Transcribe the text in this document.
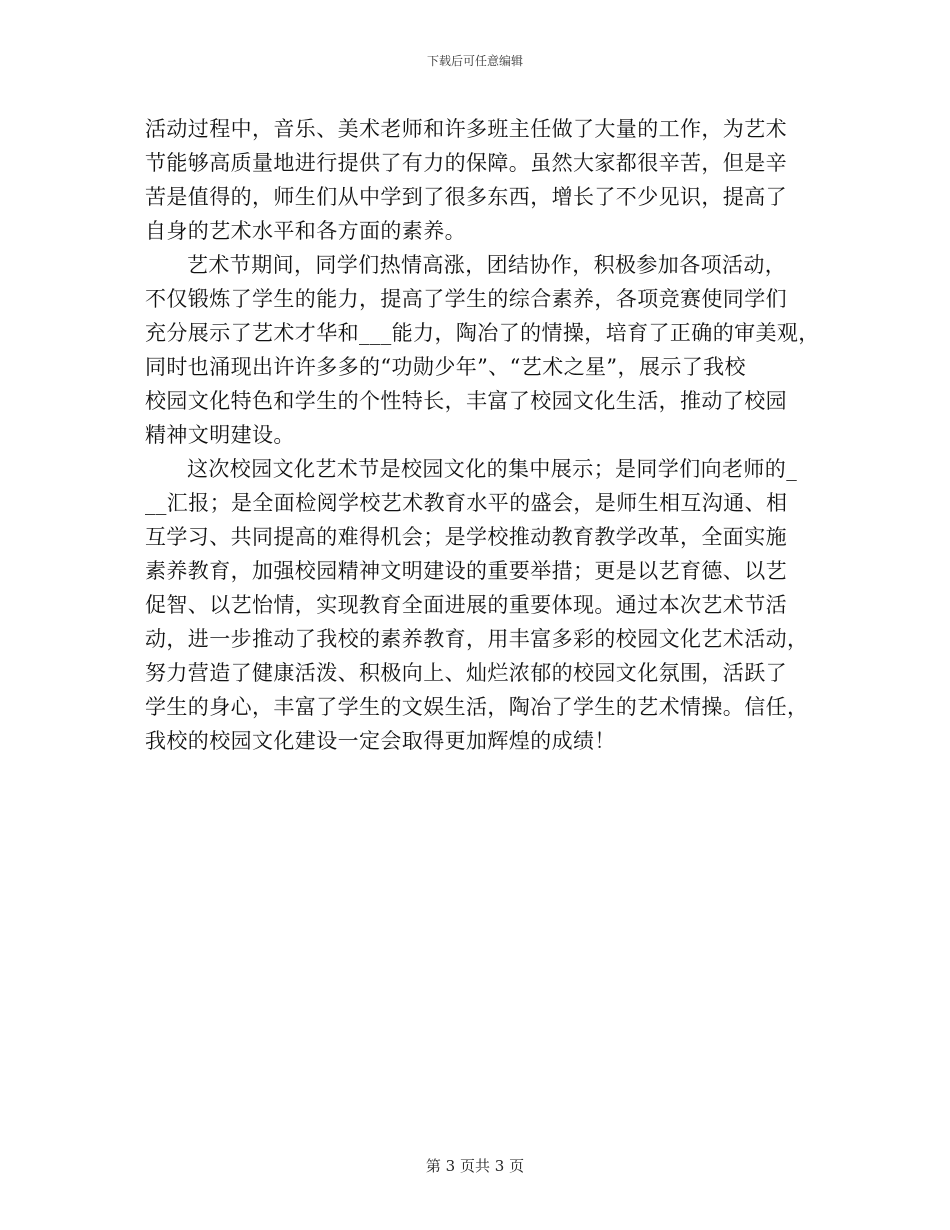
下载后可任意编辑
活动过程中，音乐、美术老师和许多班主任做了大量的工作，为艺术
节能够高质量地进行提供了有力的保障。虽然大家都很辛苦，但是辛
苦是值得的，师生们从中学到了很多东西，增长了不少见识，提高了
自身的艺术水平和各方面的素养。
艺术节期间，同学们热情高涨，团结协作，积极参加各项活动，
不仅锻炼了学生的能力，提高了学生的综合素养，各项竞赛使同学们
充分展示了艺术才华和___能力，陶冶了的情操，培育了正确的审美观，
同时也涌现出许许多多的“功勋少年”、“艺术之星”，展示了我校
校园文化特色和学生的个性特长，丰富了校园文化生活，推动了校园
精神文明建设。
这次校园文化艺术节是校园文化的集中展示；是同学们向老师的_
__汇报；是全面检阅学校艺术教育水平的盛会，是师生相互沟通、相
互学习、共同提高的难得机会；是学校推动教育教学改革，全面实施
素养教育，加强校园精神文明建设的重要举措；更是以艺育德、以艺
促智、以艺怡情，实现教育全面进展的重要体现。通过本次艺术节活
动，进一步推动了我校的素养教育，用丰富多彩的校园文化艺术活动，
努力营造了健康活泼、积极向上、灿烂浓郁的校园文化氛围，活跃了
学生的身心，丰富了学生的文娱生活，陶冶了学生的艺术情操。信任，
我校的校园文化建设一定会取得更加辉煌的成绩！
第 3 页共 3 页
